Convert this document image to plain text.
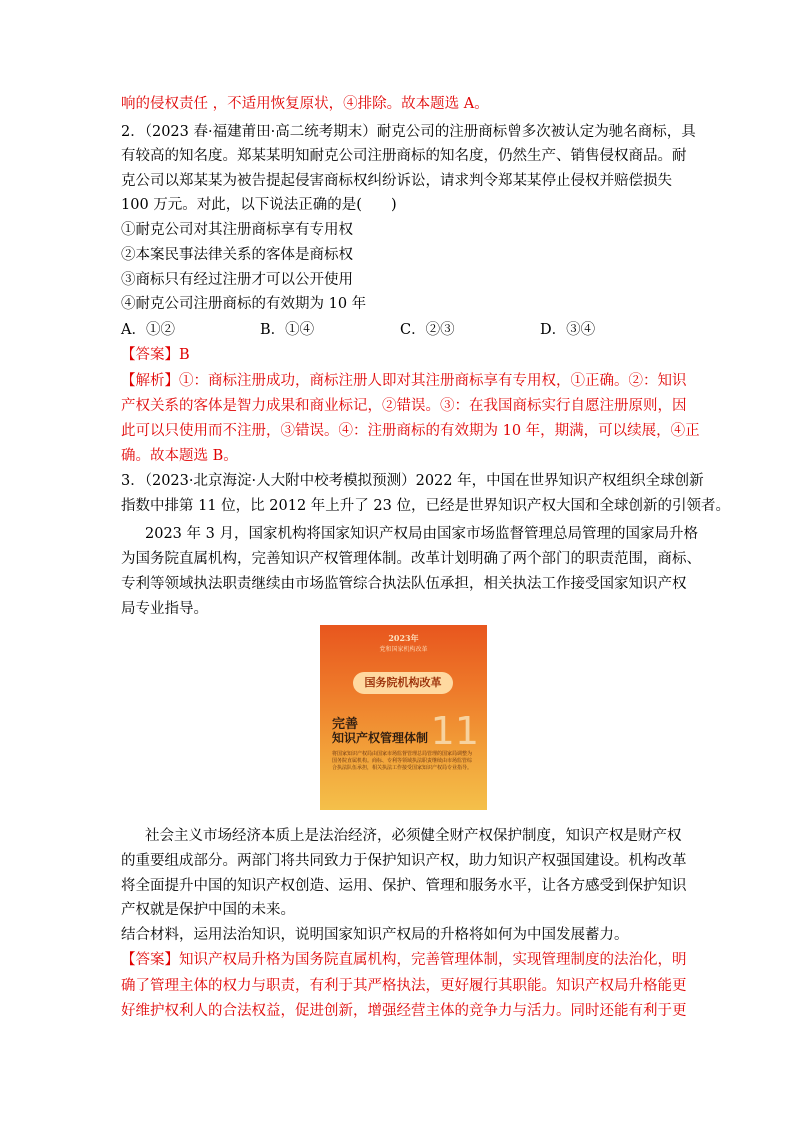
响的侵权责任 ，不适用恢复原状，④排除。故本题选 A。
2．（2023 春·福建莆田·高二统考期末）耐克公司的注册商标曾多次被认定为驰名商标，具
有较高的知名度。郑某某明知耐克公司注册商标的知名度，仍然生产、销售侵权商品。耐
克公司以郑某某为被告提起侵害商标权纠纷诉讼，请求判令郑某某停止侵权并赔偿损失
100 万元。对此，以下说法正确的是(　　)
①耐克公司对其注册商标享有专用权
②本案民事法律关系的客体是商标权
③商标只有经过注册才可以公开使用
④耐克公司注册商标的有效期为 10 年
A．①②	B．①④	C．②③	D．③④
【答案】B
【解析】①：商标注册成功，商标注册人即对其注册商标享有专用权，①正确。②：知识
产权关系的客体是智力成果和商业标记，②错误。③：在我国商标实行自愿注册原则，因
此可以只使用而不注册，③错误。④：注册商标的有效期为 10 年，期满，可以续展，④正
确。故本题选 B。
3．（2023·北京海淀·人大附中校考模拟预测）2022 年，中国在世界知识产权组织全球创新
指数中排第 11 位，比 2012 年上升了 23 位，已经是世界知识产权大国和全球创新的引领者。
2023 年 3 月，国家机构将国家知识产权局由国家市场监督管理总局管理的国家局升格
为国务院直属机构，完善知识产权管理体制。改革计划明确了两个部门的职责范围，商标、
专利等领域执法职责继续由市场监管综合执法队伍承担，相关执法工作接受国家知识产权
局专业指导。
2023年
党和国家机构改革
国务院机构改革
完善
知识产权管理体制 11
将国家知识产权局由国家市场监督管理总局管理的国家局调整为国务院直属机构。商标、专利等领域执法职责继续由市场监管综合执法队伍承担，相关执法工作接受国家知识产权局专业指导。
社会主义市场经济本质上是法治经济，必须健全财产权保护制度，知识产权是财产权
的重要组成部分。两部门将共同致力于保护知识产权，助力知识产权强国建设。机构改革
将全面提升中国的知识产权创造、运用、保护、管理和服务水平，让各方感受到保护知识
产权就是保护中国的未来。
结合材料，运用法治知识，说明国家知识产权局的升格将如何为中国发展蓄力。
【答案】知识产权局升格为国务院直属机构，完善管理体制，实现管理制度的法治化，明
确了管理主体的权力与职责，有利于其严格执法，更好履行其职能。知识产权局升格能更
好维护权利人的合法权益，促进创新，增强经营主体的竞争力与活力。同时还能有利于更
